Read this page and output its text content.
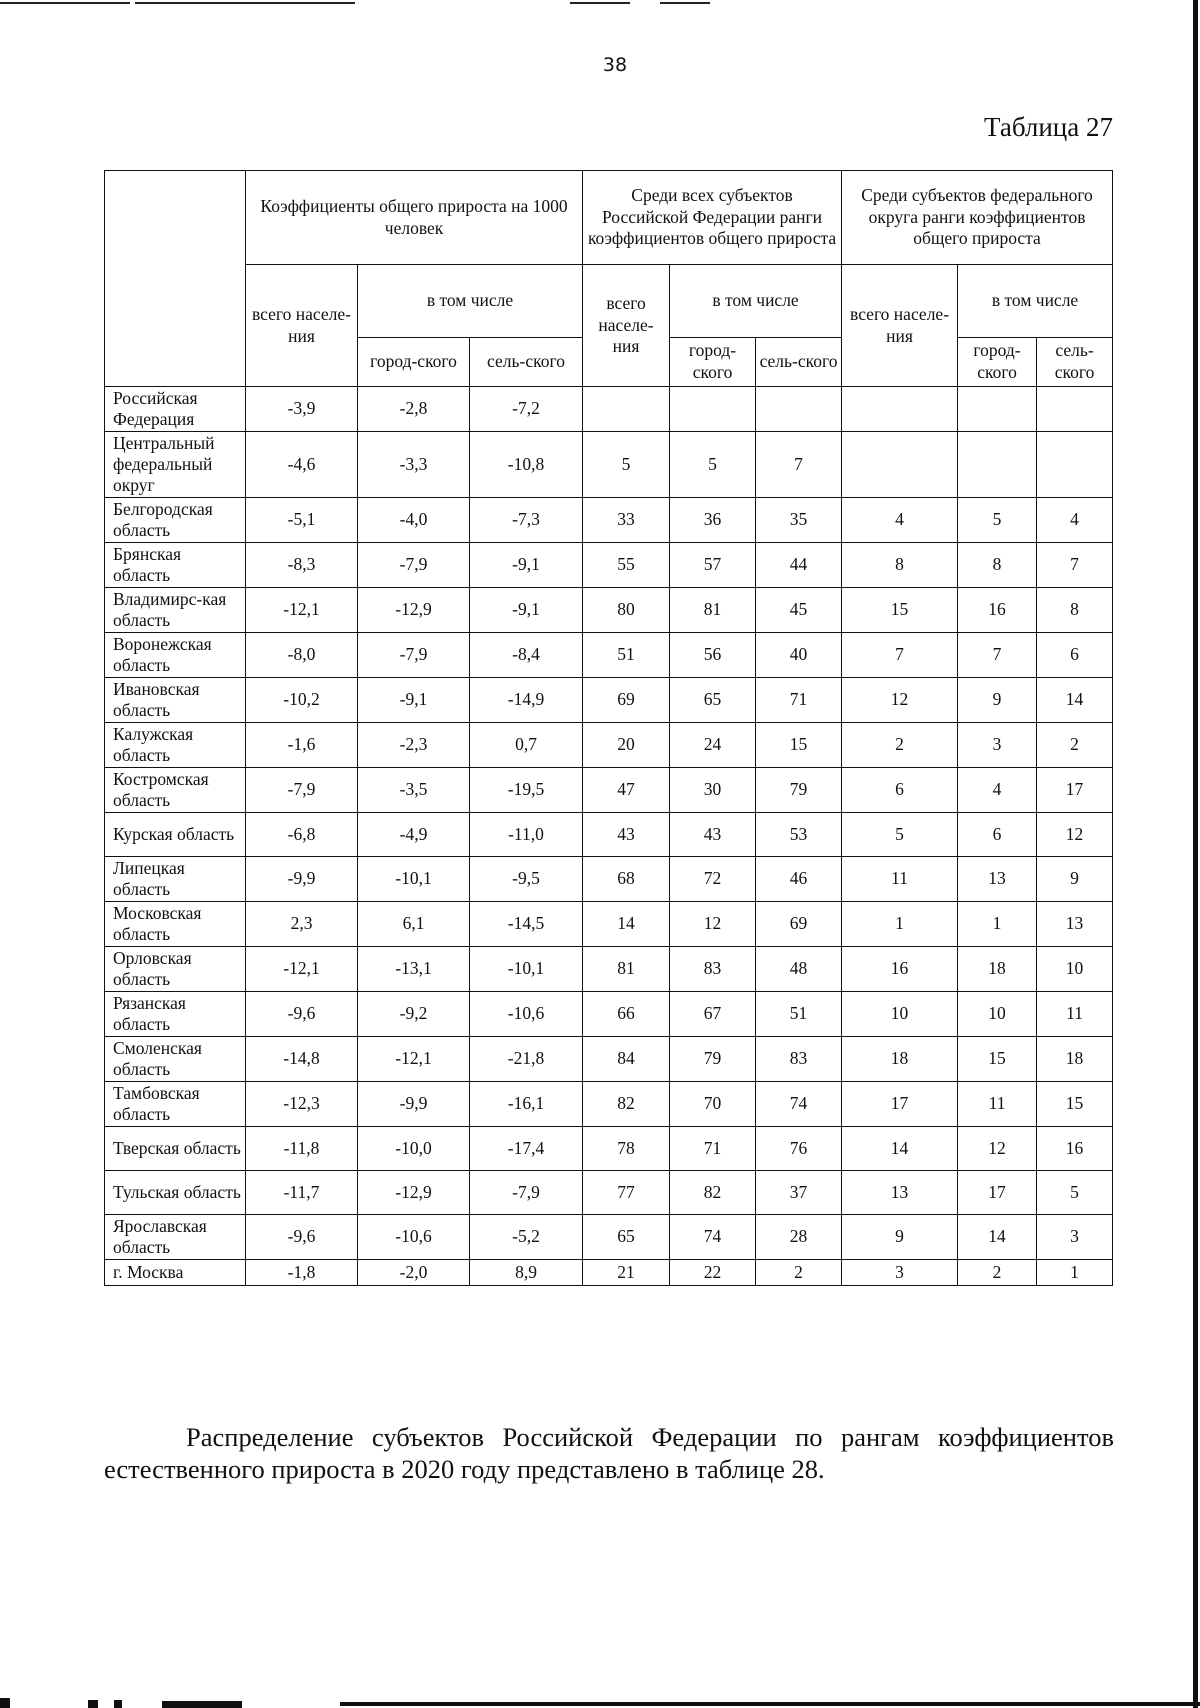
38
Таблица 27
	Коэффициенты общего прироста на 1000 человек			Среди всех субъектов Российской Федерации ранги коэффициентов общего прироста			Среди субъектов федерального округа ранги коэффициентов общего прироста		
	всего населе-ния	в том числе		всего населе-ния	в том числе		всего населе-ния	в том числе	
		город-ского	сель-ского		город-ского	сель-ского		город-ского	сель-ского
Российская Федерация	-3,9	-2,8	-7,2						
Центральный федеральный округ	-4,6	-3,3	-10,8	5	5	7			
Белгородская область	-5,1	-4,0	-7,3	33	36	35	4	5	4
Брянская область	-8,3	-7,9	-9,1	55	57	44	8	8	7
Владимирс-кая область	-12,1	-12,9	-9,1	80	81	45	15	16	8
Воронежская область	-8,0	-7,9	-8,4	51	56	40	7	7	6
Ивановская область	-10,2	-9,1	-14,9	69	65	71	12	9	14
Калужская область	-1,6	-2,3	0,7	20	24	15	2	3	2
Костромская область	-7,9	-3,5	-19,5	47	30	79	6	4	17
Курская область	-6,8	-4,9	-11,0	43	43	53	5	6	12
Липецкая область	-9,9	-10,1	-9,5	68	72	46	11	13	9
Московская область	2,3	6,1	-14,5	14	12	69	1	1	13
Орловская область	-12,1	-13,1	-10,1	81	83	48	16	18	10
Рязанская область	-9,6	-9,2	-10,6	66	67	51	10	10	11
Смоленская область	-14,8	-12,1	-21,8	84	79	83	18	15	18
Тамбовская область	-12,3	-9,9	-16,1	82	70	74	17	11	15
Тверская область	-11,8	-10,0	-17,4	78	71	76	14	12	16
Тульская область	-11,7	-12,9	-7,9	77	82	37	13	17	5
Ярославская область	-9,6	-10,6	-5,2	65	74	28	9	14	3
г. Москва	-1,8	-2,0	8,9	21	22	2	3	2	1
Распределение субъектов Российской Федерации по рангам коэффициентов естественного прироста в 2020 году представлено в таблице 28.
